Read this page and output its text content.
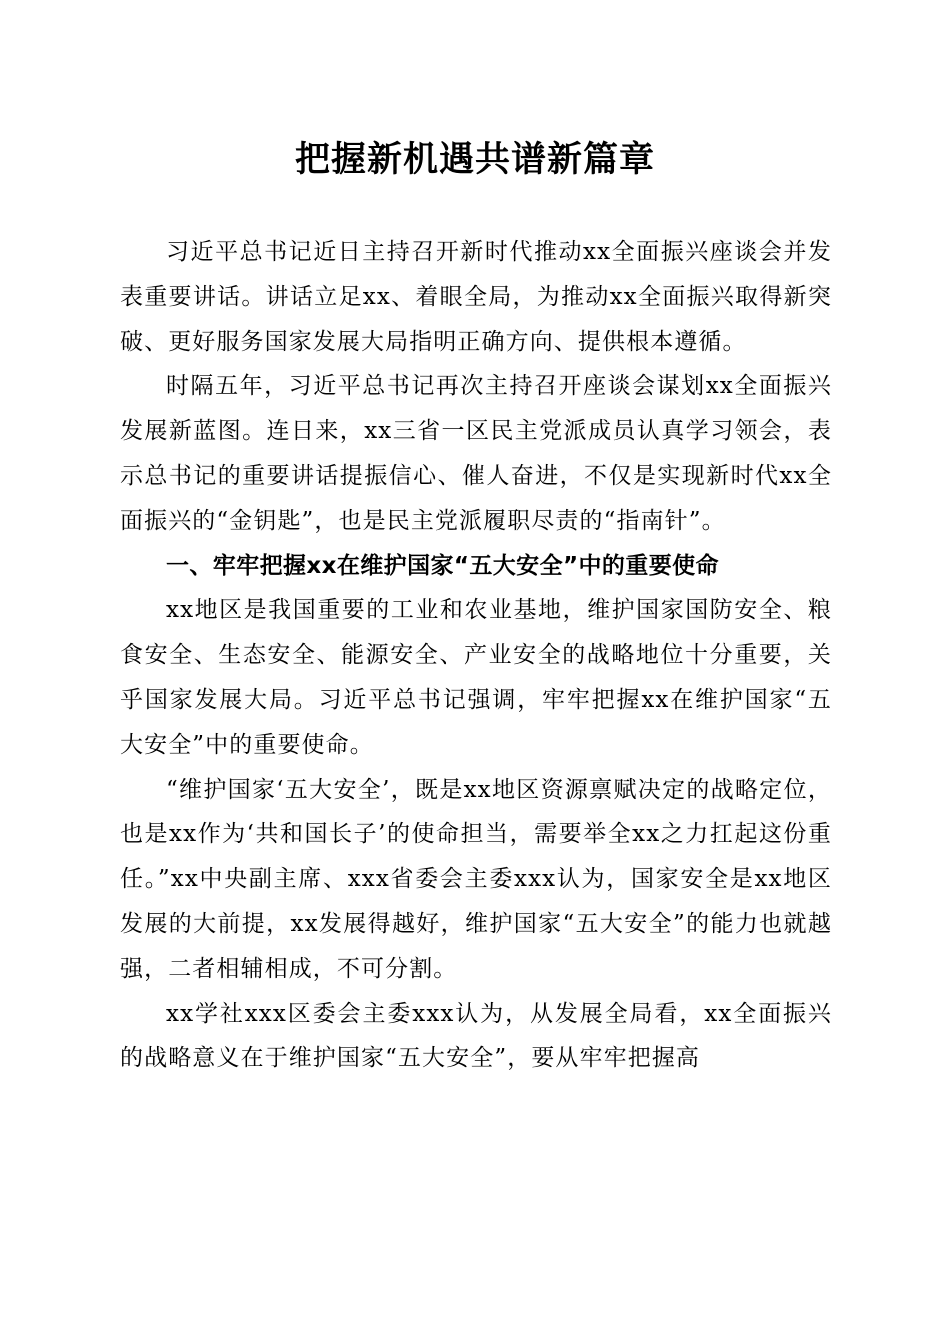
把握新机遇共谱新篇章

习近平总书记近日主持召开新时代推动xx全面振兴座谈会并发表重要讲话。讲话立足xx、着眼全局，为推动xx全面振兴取得新突破、更好服务国家发展大局指明正确方向、提供根本遵循。

时隔五年，习近平总书记再次主持召开座谈会谋划xx全面振兴发展新蓝图。连日来，xx三省一区民主党派成员认真学习领会，表示总书记的重要讲话提振信心、催人奋进，不仅是实现新时代xx全面振兴的“金钥匙”，也是民主党派履职尽责的“指南针”。

一、牢牢把握xx在维护国家“五大安全”中的重要使命

xx地区是我国重要的工业和农业基地，维护国家国防安全、粮食安全、生态安全、能源安全、产业安全的战略地位十分重要，关乎国家发展大局。习近平总书记强调，牢牢把握xx在维护国家“五大安全”中的重要使命。

“维护国家‘五大安全’，既是xx地区资源禀赋决定的战略定位，也是xx作为‘共和国长子’的使命担当，需要举全xx之力扛起这份重任。”xx中央副主席、xxx省委会主委xxx认为，国家安全是xx地区发展的大前提，xx发展得越好，维护国家“五大安全”的能力也就越强，二者相辅相成，不可分割。

xx学社xxx区委会主委xxx认为，从发展全局看，xx全面振兴的战略意义在于维护国家“五大安全”，要从牢牢把握高
